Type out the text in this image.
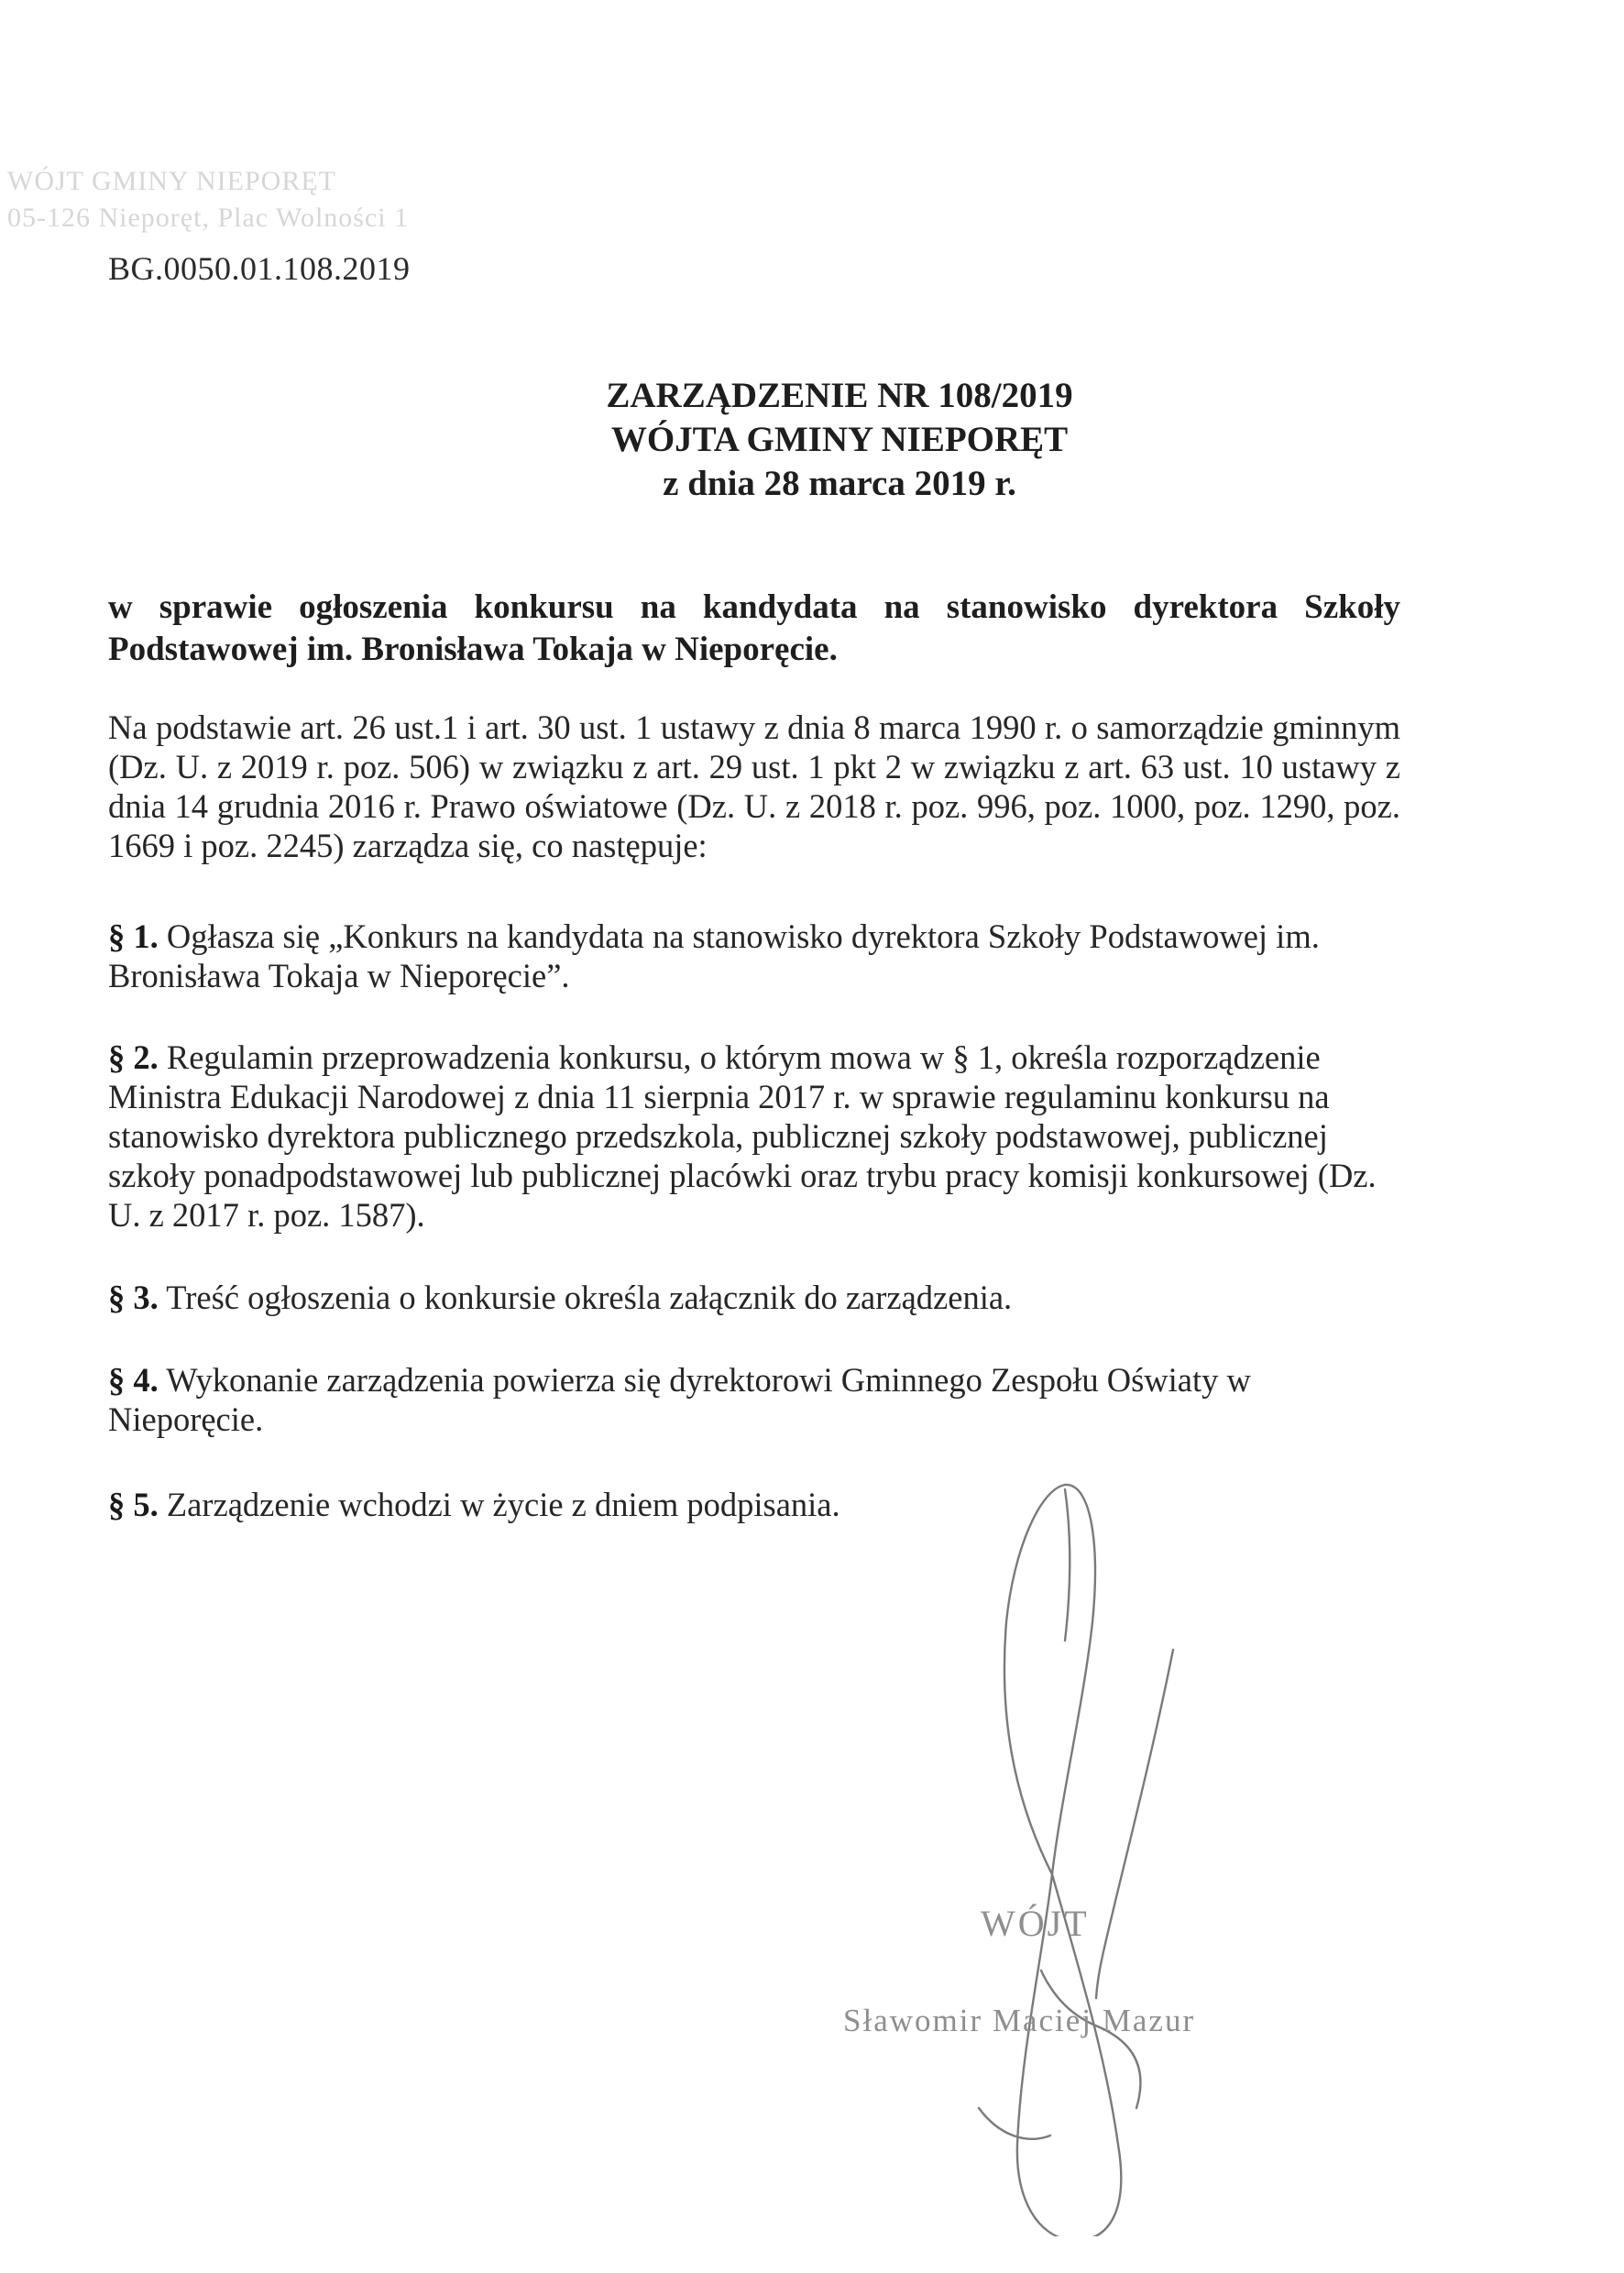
WÓJT GMINY NIEPORĘT
05-126 Nieporęt, Plac Wolności 1
BG.0050.01.108.2019
ZARZĄDZENIE NR 108/2019
WÓJTA GMINY NIEPORĘT
z dnia 28 marca 2019 r.
w sprawie ogłoszenia konkursu na kandydata na stanowisko dyrektora Szkoły Podstawowej im. Bronisława Tokaja w Nieporęcie.
Na podstawie art. 26 ust.1 i art. 30 ust. 1 ustawy z dnia 8 marca 1990 r. o samorządzie gminnym (Dz. U. z 2019 r. poz. 506) w związku z art. 29 ust. 1 pkt 2 w związku z art. 63 ust. 10 ustawy z dnia 14 grudnia 2016 r. Prawo oświatowe (Dz. U. z 2018 r. poz. 996, poz. 1000, poz. 1290, poz. 1669 i poz. 2245) zarządza się, co następuje:
§ 1. Ogłasza się „Konkurs na kandydata na stanowisko dyrektora Szkoły Podstawowej im. Bronisława Tokaja w Nieporęcie”.
§ 2. Regulamin przeprowadzenia konkursu, o którym mowa w § 1, określa rozporządzenie Ministra Edukacji Narodowej z dnia 11 sierpnia 2017 r. w sprawie regulaminu konkursu na stanowisko dyrektora publicznego przedszkola, publicznej szkoły podstawowej, publicznej szkoły ponadpodstawowej lub publicznej placówki oraz trybu pracy komisji konkursowej (Dz. U. z 2017 r. poz. 1587).
§ 3. Treść ogłoszenia o konkursie określa załącznik do zarządzenia.
§ 4. Wykonanie zarządzenia powierza się dyrektorowi Gminnego Zespołu Oświaty w Nieporęcie.
§ 5. Zarządzenie wchodzi w życie z dniem podpisania.
WÓJT
Sławomir Maciej Mazur
